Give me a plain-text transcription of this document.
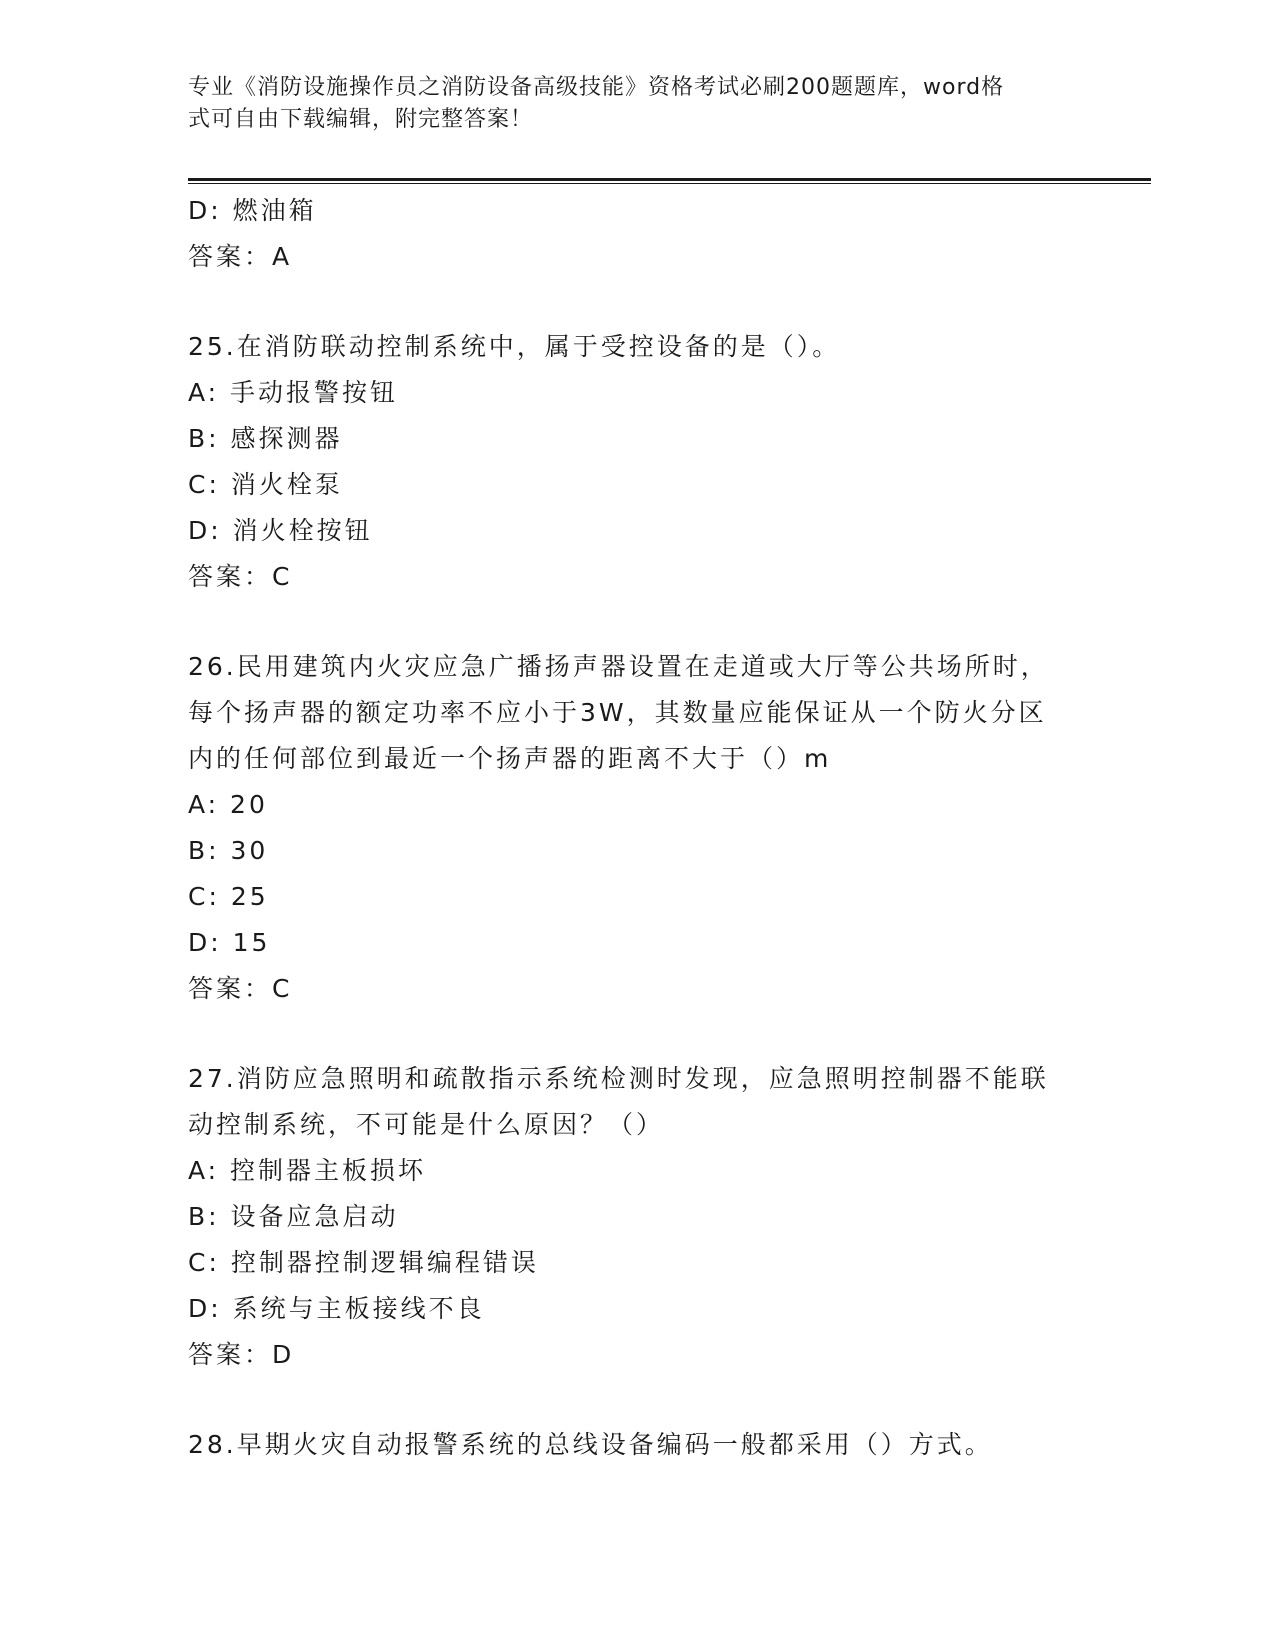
专业《消防设施操作员之消防设备高级技能》资格考试必刷200题题库，word格
式可自由下载编辑，附完整答案！
D: 燃油箱
答案：A
25.在消防联动控制系统中，属于受控设备的是（）。
A: 手动报警按钮
B: 感探测器
C: 消火栓泵
D: 消火栓按钮
答案：C
26.民用建筑内火灾应急广播扬声器设置在走道或大厅等公共场所时，
每个扬声器的额定功率不应小于3W，其数量应能保证从一个防火分区
内的任何部位到最近一个扬声器的距离不大于（）m
A: 20
B: 30
C: 25
D: 15
答案：C
27.消防应急照明和疏散指示系统检测时发现，应急照明控制器不能联
动控制系统，不可能是什么原因？（）
A: 控制器主板损坏
B: 设备应急启动
C: 控制器控制逻辑编程错误
D: 系统与主板接线不良
答案：D
28.早期火灾自动报警系统的总线设备编码一般都采用（）方式。
